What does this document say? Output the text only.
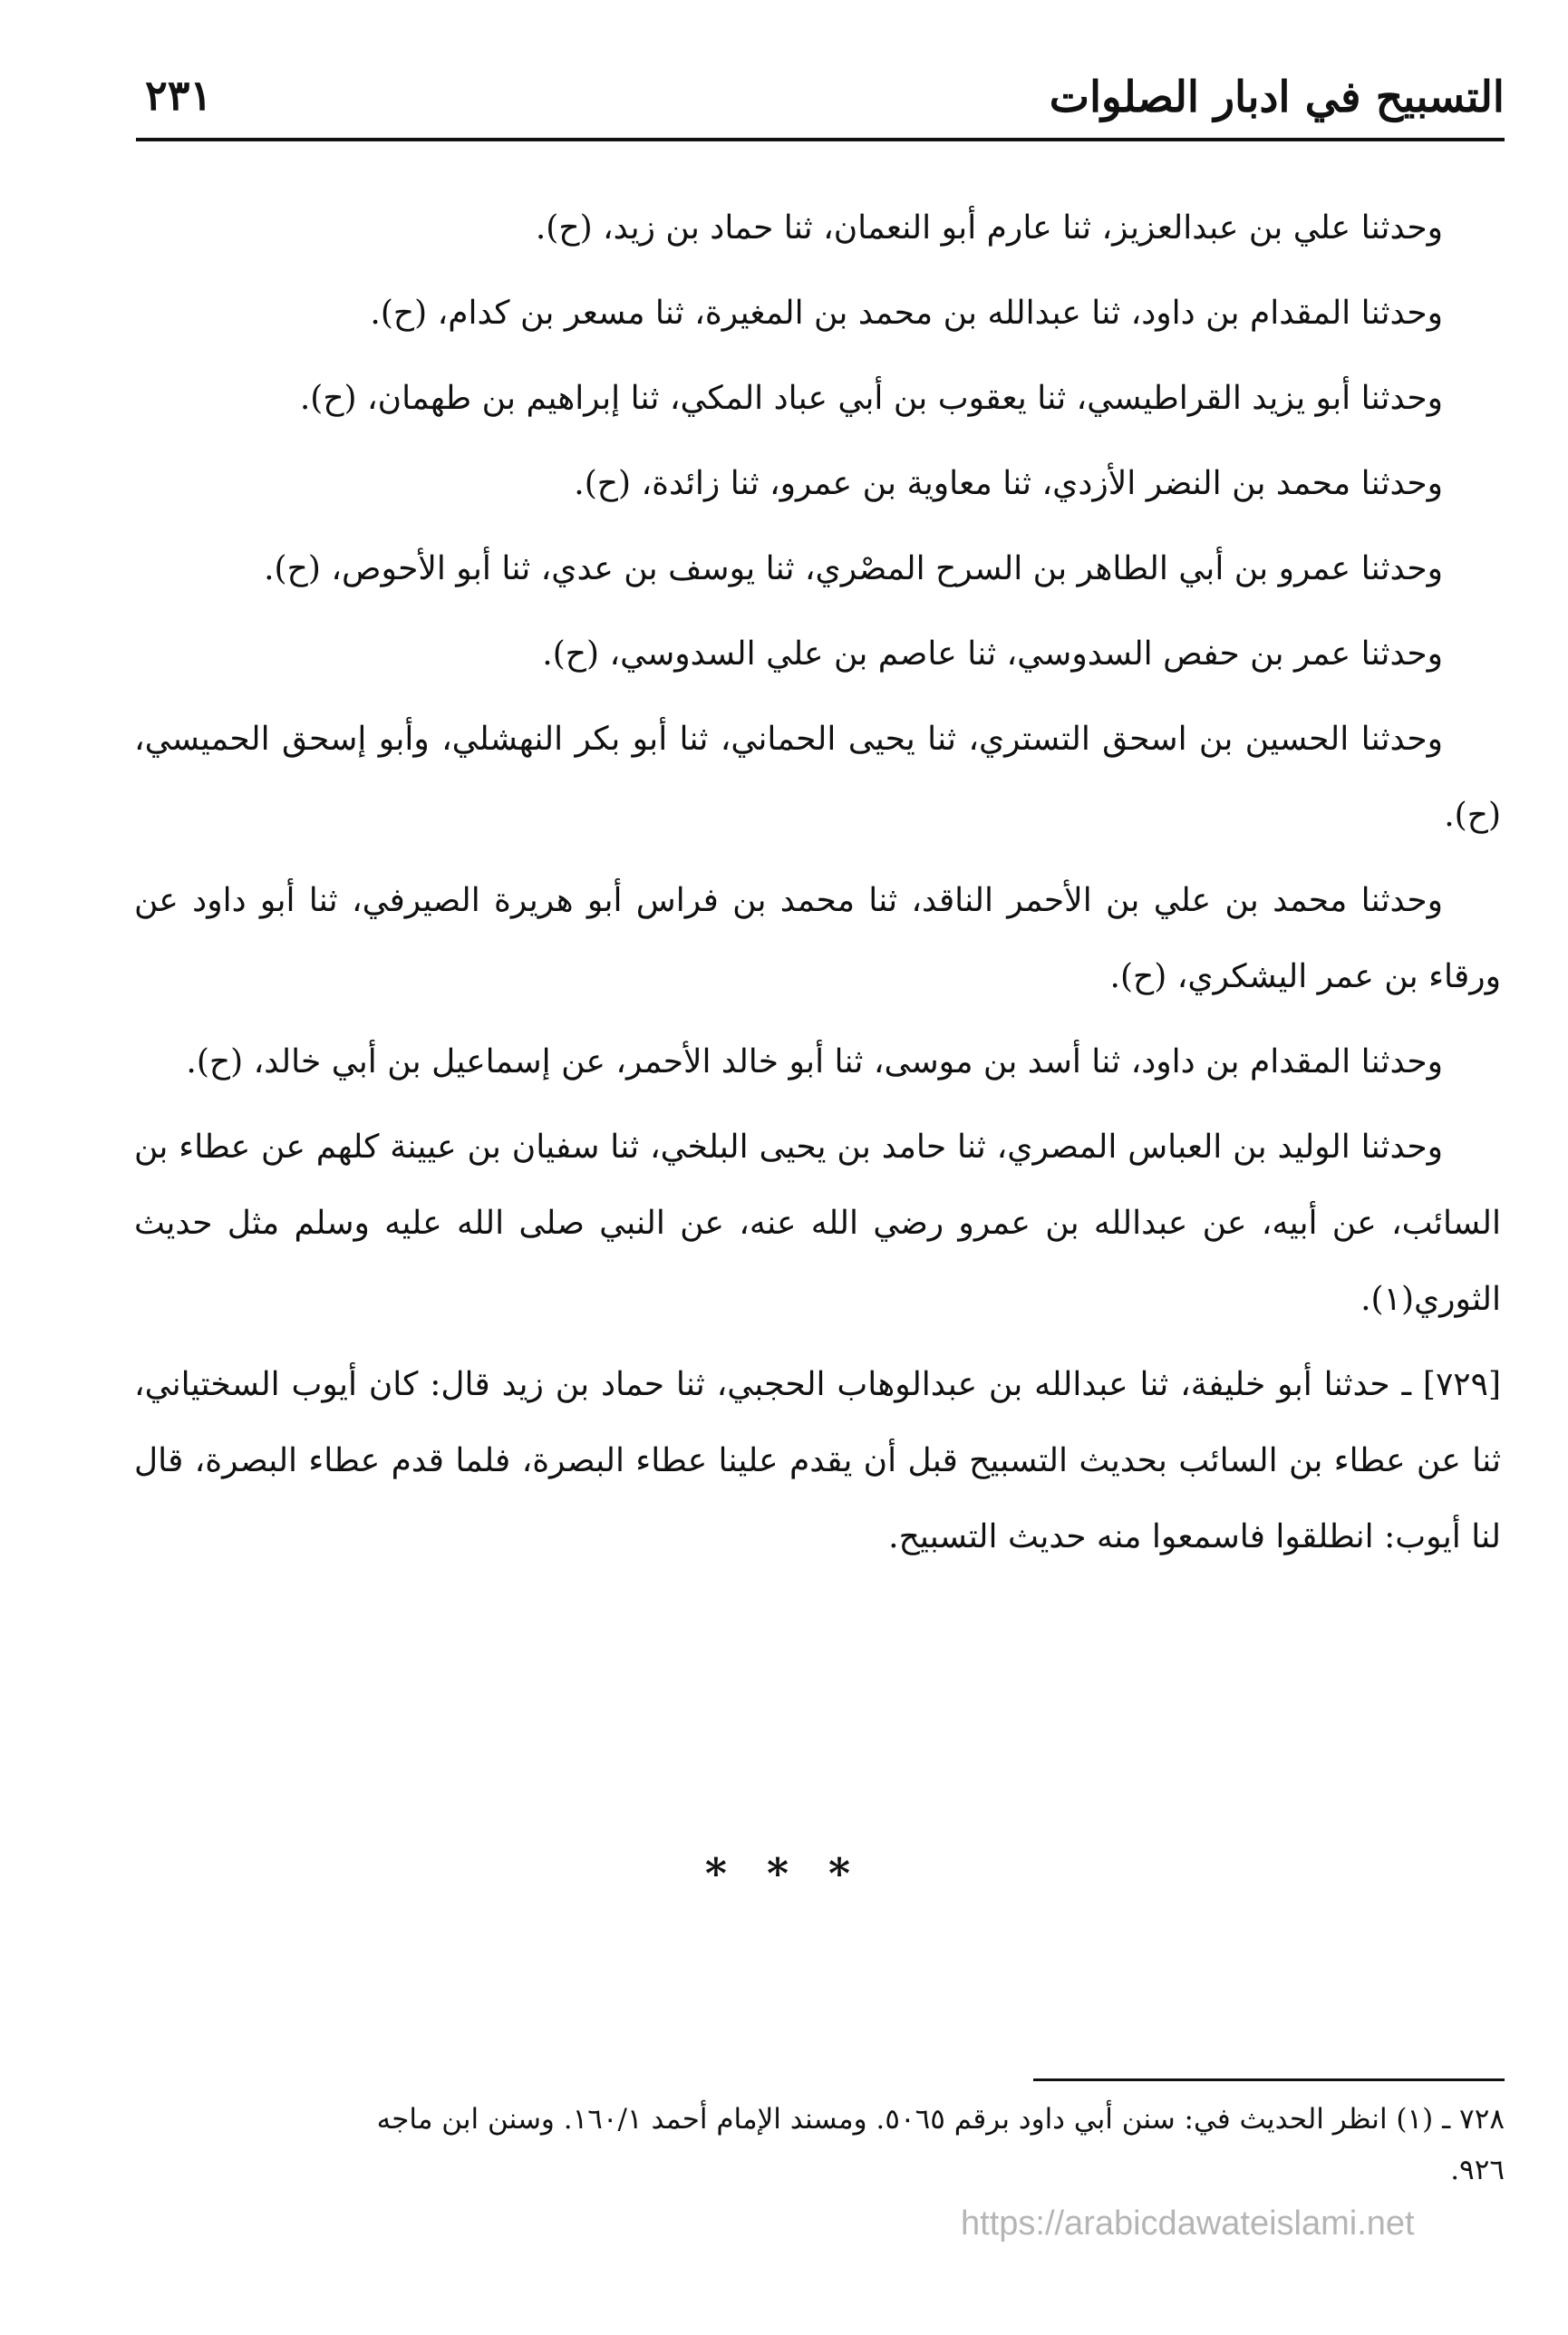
التسبيح في ادبار الصلوات
٢٣١

وحدثنا علي بن عبدالعزيز، ثنا عارم أبو النعمان، ثنا حماد بن زيد، (ح).

وحدثنا المقدام بن داود، ثنا عبدالله بن محمد بن المغيرة، ثنا مسعر بن كدام، (ح).

وحدثنا أبو يزيد القراطيسي، ثنا يعقوب بن أبي عباد المكي، ثنا إبراهيم بن طهمان، (ح).

وحدثنا محمد بن النضر الأزدي، ثنا معاوية بن عمرو، ثنا زائدة، (ح).

وحدثنا عمرو بن أبي الطاهر بن السرح المصْري، ثنا يوسف بن عدي، ثنا أبو الأحوص، (ح).

وحدثنا عمر بن حفص السدوسي، ثنا عاصم بن علي السدوسي، (ح).

وحدثنا الحسين بن اسحق التستري، ثنا يحيى الحماني، ثنا أبو بكر النهشلي، وأبو إسحق الحميسي، (ح).

وحدثنا محمد بن علي بن الأحمر الناقد، ثنا محمد بن فراس أبو هريرة الصيرفي، ثنا أبو داود عن ورقاء بن عمر اليشكري، (ح).

وحدثنا المقدام بن داود، ثنا أسد بن موسى، ثنا أبو خالد الأحمر، عن إسماعيل بن أبي خالد، (ح).

وحدثنا الوليد بن العباس المصري، ثنا حامد بن يحيى البلخي، ثنا سفيان بن عيينة كلهم عن عطاء بن السائب، عن أبيه، عن عبدالله بن عمرو رضي الله عنه، عن النبي صلى الله عليه وسلم مثل حديث الثوري(١).

[٧٢٩] ـ حدثنا أبو خليفة، ثنا عبدالله بن عبدالوهاب الحجبي، ثنا حماد بن زيد قال: كان أيوب السختياني، ثنا عن عطاء بن السائب بحديث التسبيح قبل أن يقدم علينا عطاء البصرة، فلما قدم عطاء البصرة، قال لنا أيوب: انطلقوا فاسمعوا منه حديث التسبيح.

* * *

٧٢٨ ـ (١) انظر الحديث في: سنن أبي داود برقم ٥٠٦٥. ومسند الإمام أحمد ١٦٠/١. وسنن ابن ماجه

٩٢٦.

https://arabicdawateislami.net
